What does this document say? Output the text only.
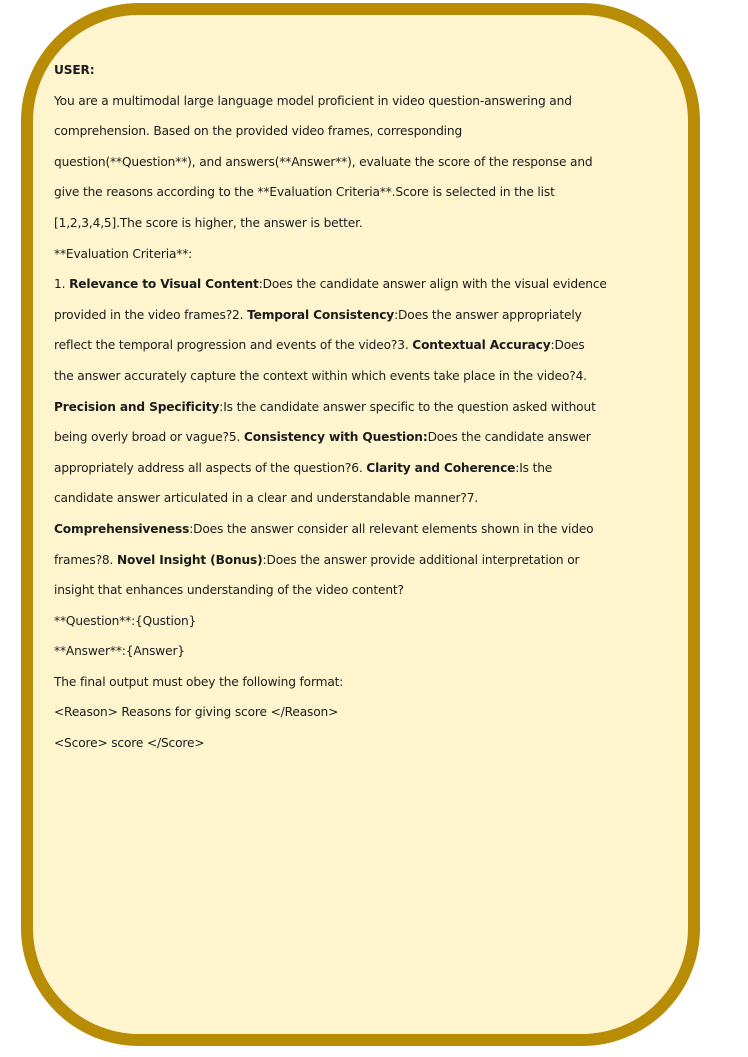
USER:
You are a multimodal large language model proficient in video question-answering and
comprehension. Based on the provided video frames, corresponding
question(**Question**), and answers(**Answer**), evaluate the score of the response and
give the reasons according to the **Evaluation Criteria**.Score is selected in the list
[1,2,3,4,5].The score is higher, the answer is better.
**Evaluation Criteria**:
1. Relevance to Visual Content:Does the candidate answer align with the visual evidence
provided in the video frames?2. Temporal Consistency:Does the answer appropriately
reflect the temporal progression and events of the video?3. Contextual Accuracy:Does
the answer accurately capture the context within which events take place in the video?4.
Precision and Specificity:Is the candidate answer specific to the question asked without
being overly broad or vague?5. Consistency with Question:Does the candidate answer
appropriately address all aspects of the question?6. Clarity and Coherence:Is the
candidate answer articulated in a clear and understandable manner?7.
Comprehensiveness:Does the answer consider all relevant elements shown in the video
frames?8. Novel Insight (Bonus):Does the answer provide additional interpretation or
insight that enhances understanding of the video content?
**Question**:{Qustion}
**Answer**:{Answer}
The final output must obey the following format:
<Reason> Reasons for giving score </Reason>
<Score> score </Score>
